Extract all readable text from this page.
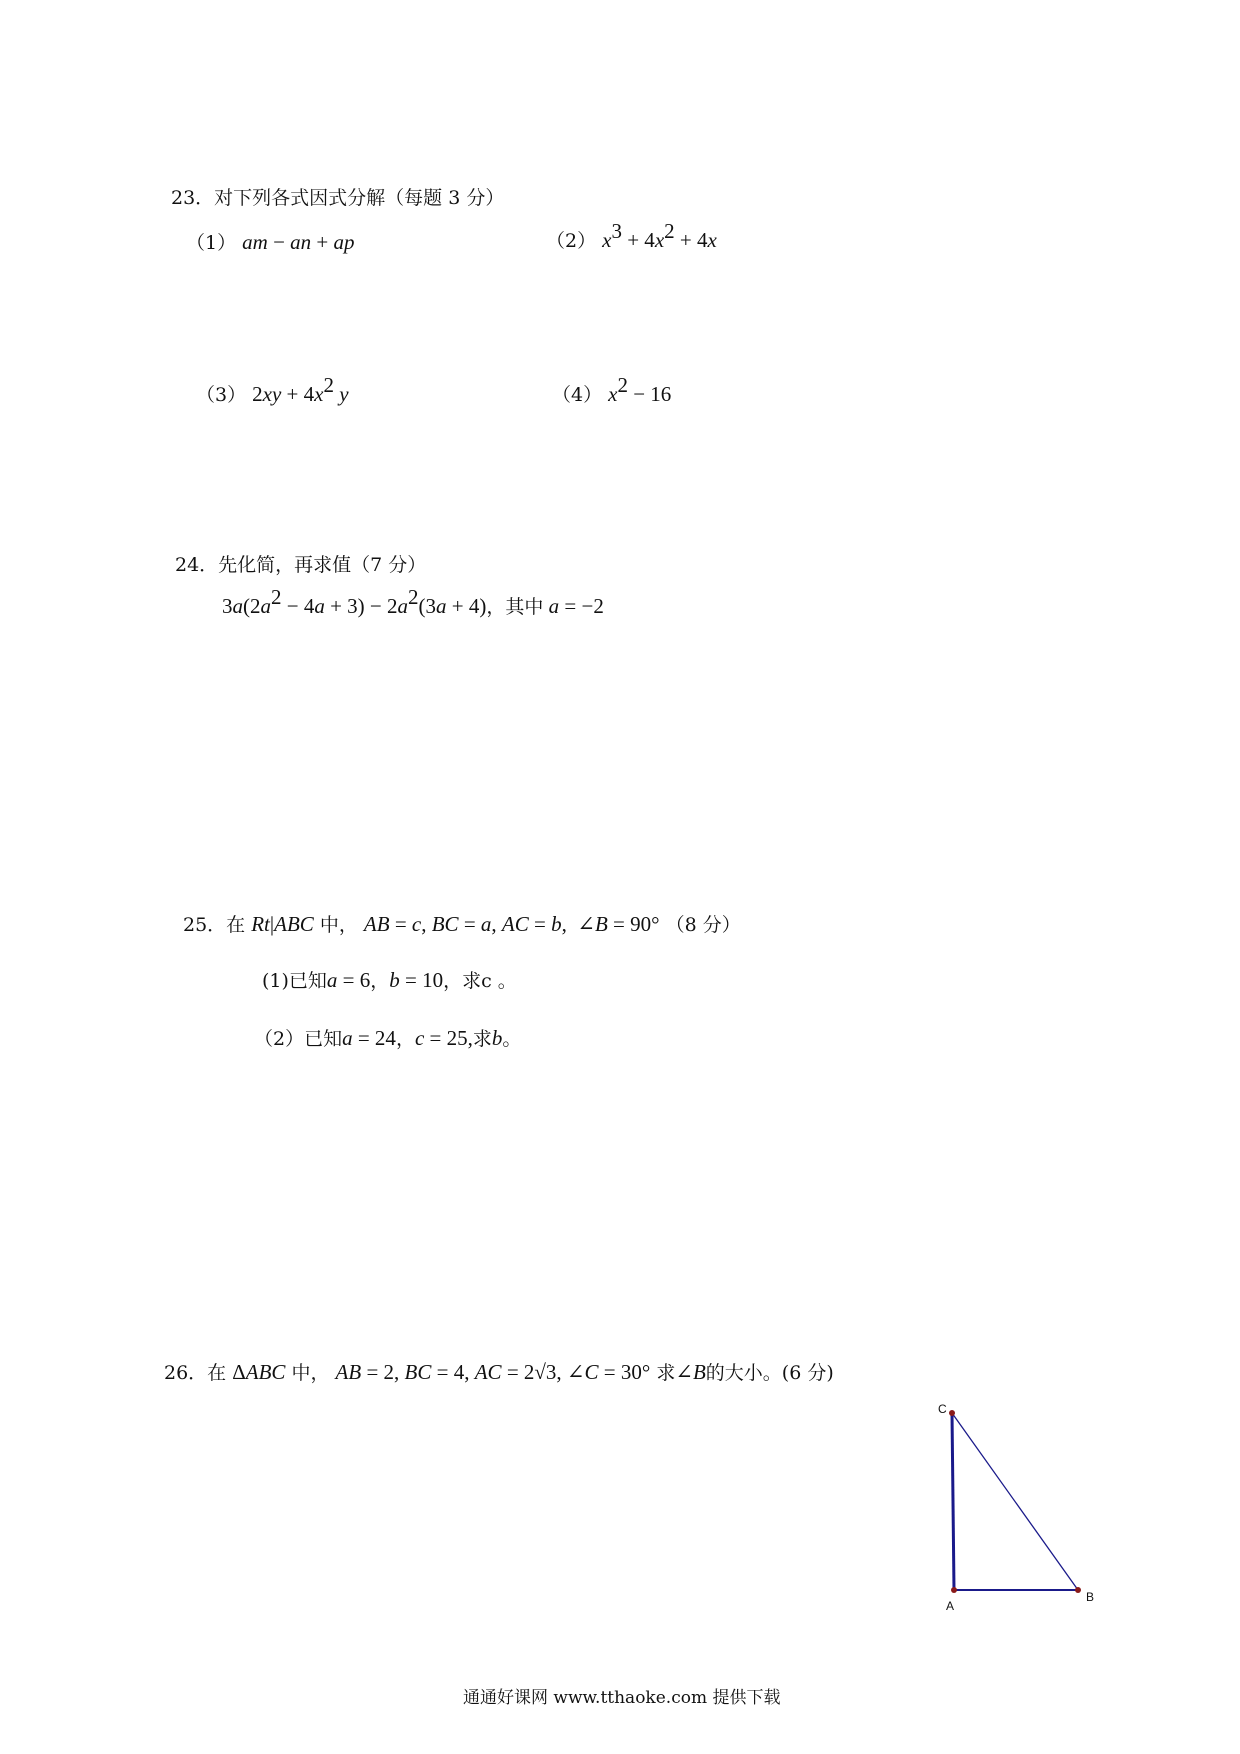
23．对下列各式因式分解（每题 3 分）
（1） am − an + ap	（2） $x^3 + 4x^2 + 4x$
（3） $2xy + 4x^2$ y	（4） $x^2 - 16$
24．先化简，再求值（7 分）
$3a(2a^2 - 4a + 3) - 2a^2(3a + 4)$，其中 a = −2
25．在 Rt|ABC 中， AB = c, BC = a, AC = b,  ∠B = 90° （8 分）
(1)已知a = 6，b = 10，求c 。
（2）已知a = 24，c = 25,求b。
26．在 ΔABC 中， AB = 2, BC = 4, AC = 2√3, ∠C = 30° 求∠B的大小。(6 分)
C
A
B
通通好课网 www.tthaoke.com 提供下载
